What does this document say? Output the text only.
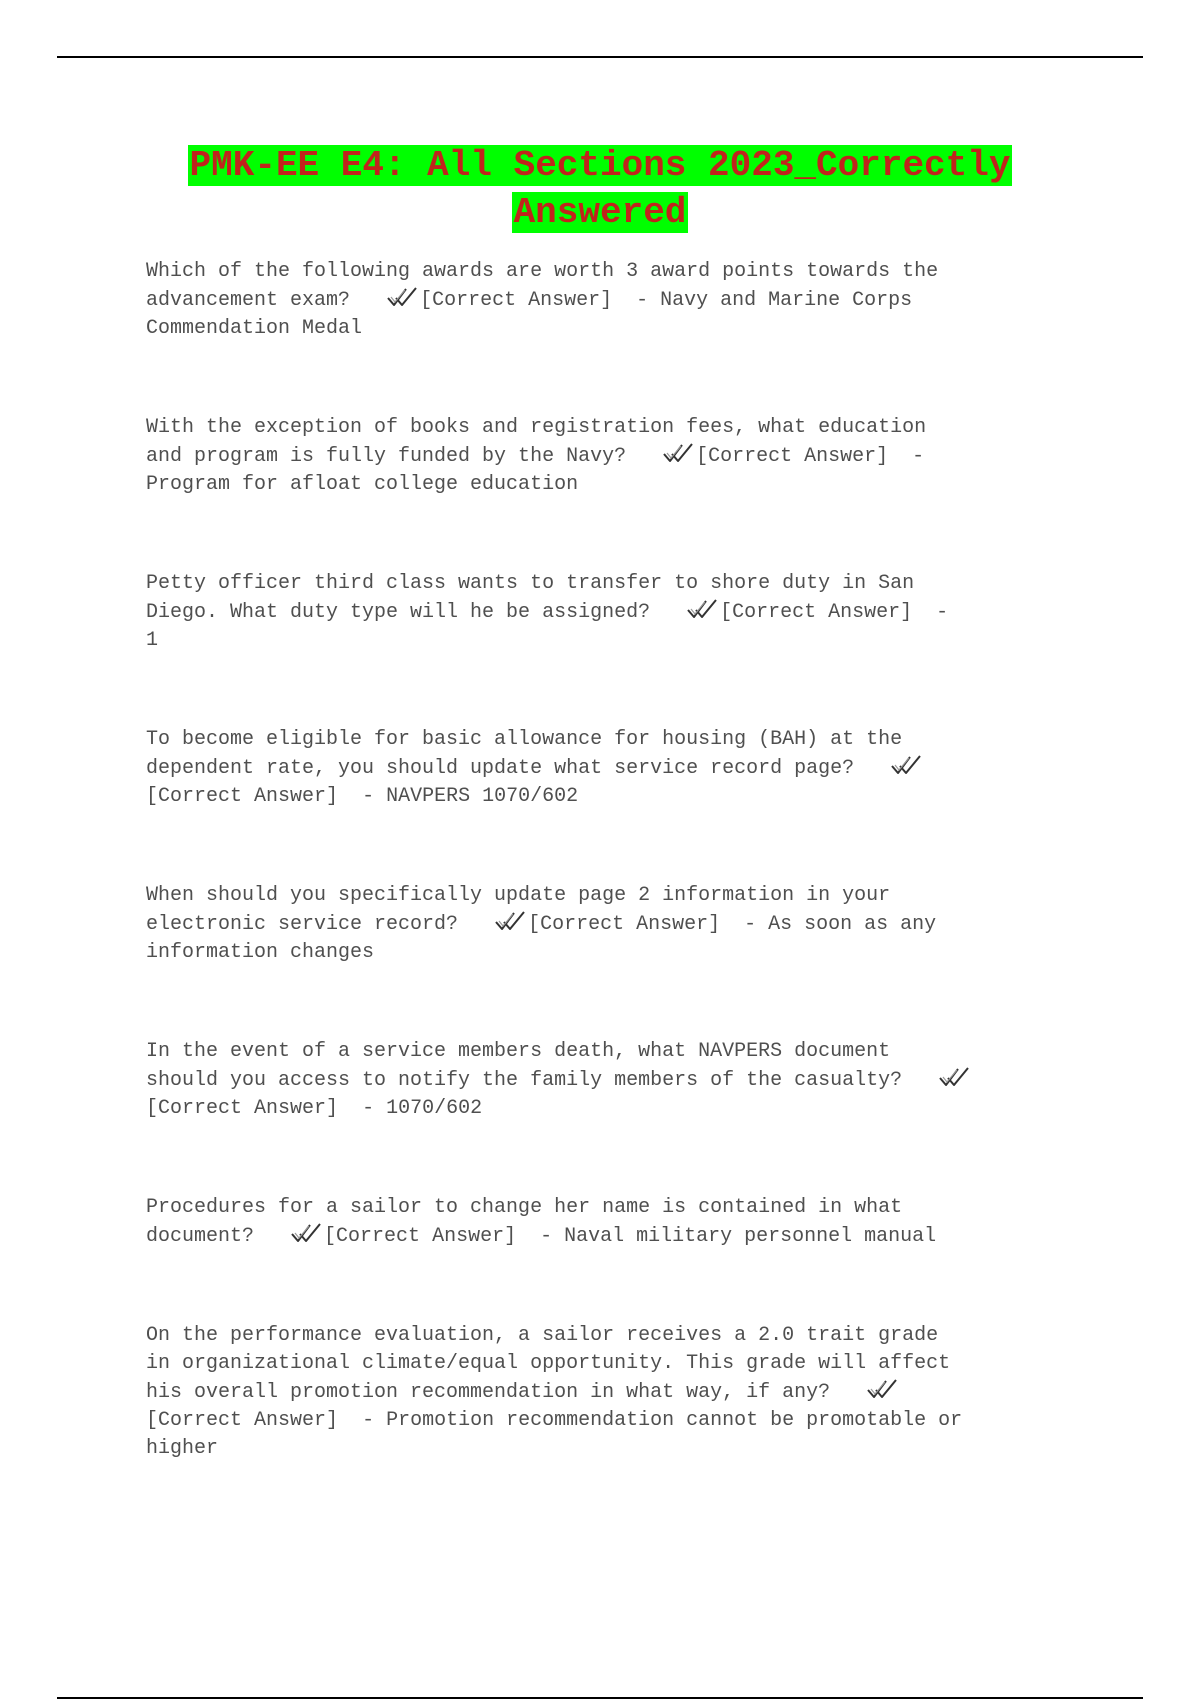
PMK-EE E4: All Sections 2023_Correctly
Answered

Which of the following awards are worth 3 award points towards the
advancement exam?	[Correct Answer] - Navy and Marine Corps
Commendation Medal

With the exception of books and registration fees, what education
and program is fully funded by the Navy?	[Correct Answer] -
Program for afloat college education

Petty officer third class wants to transfer to shore duty in San
Diego. What duty type will he be assigned?	[Correct Answer] -
1

To become eligible for basic allowance for housing (BAH) at the
dependent rate, you should update what service record page?
[Correct Answer] - NAVPERS 1070/602

When should you specifically update page 2 information in your
electronic service record?	[Correct Answer] - As soon as any
information changes

In the event of a service members death, what NAVPERS document
should you access to notify the family members of the casualty?
[Correct Answer] - 1070/602

Procedures for a sailor to change her name is contained in what
document?	[Correct Answer] - Naval military personnel manual

On the performance evaluation, a sailor receives a 2.0 trait grade
in organizational climate/equal opportunity. This grade will affect
his overall promotion recommendation in what way, if any?
[Correct Answer] - Promotion recommendation cannot be promotable or
higher
